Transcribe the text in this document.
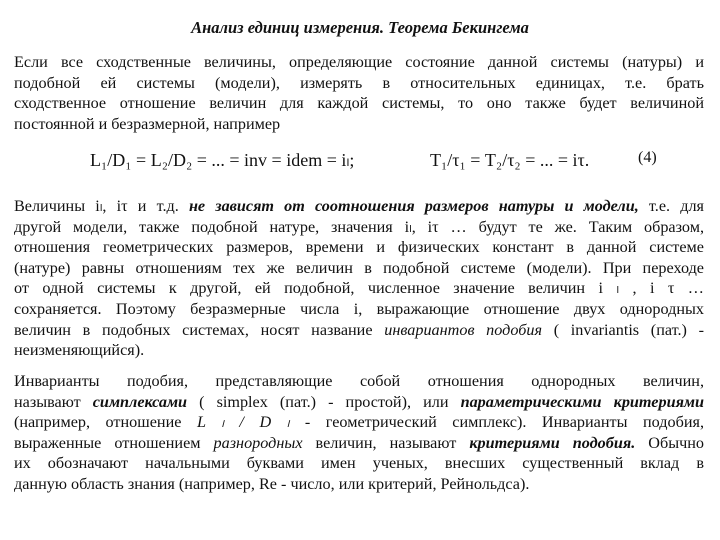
Анализ единиц измерения. Теорема Бекингема
Если все сходственные величины, определяющие состояние данной системы (натуры) и
подобной ей системы (модели), измерять в относительных единицах, т.е. брать
сходственное отношение величин для каждой системы, то оно также будет величиной
постоянной и безразмерной, например
L₁/D₁ = L₂/D₂ = ... = inv = idem = iₗ;	T₁/τ₁ = T₂/τ₂ = ... = iτ.	(4)
Величины iₗ, iτ и т.д. не зависят от соотношения размеров натуры и модели, т.е. для
другой модели, также подобной натуре, значения iₗ, iτ … будут те же. Таким образом,
отношения геометрических размеров, времени и физических констант в данной системе
(натуре) равны отношениям тех же величин в подобной системе (модели). При переходе
от одной системы к другой, ей подобной, численное значение величин i ₗ , i τ …
сохраняется. Поэтому безразмерные числа i, выражающие отношение двух однородных
величин в подобных системах, носят название инвариантов подобия ( invariantis (пат.) -
неизменяющийся).
Инварианты подобия, представляющие собой отношения однородных величин,
называют симплексами ( simplex (пат.) - простой), или параметрическими критериями
(например, отношение L ₗ / D ₗ - геометрический симплекс). Инварианты подобия,
выраженные отношением разнородных величин, называют критериями подобия. Обычно
их обозначают начальными буквами имен ученых, внесших существенный вклад в
данную область знания (например, Re - число, или критерий, Рейнольдса).
